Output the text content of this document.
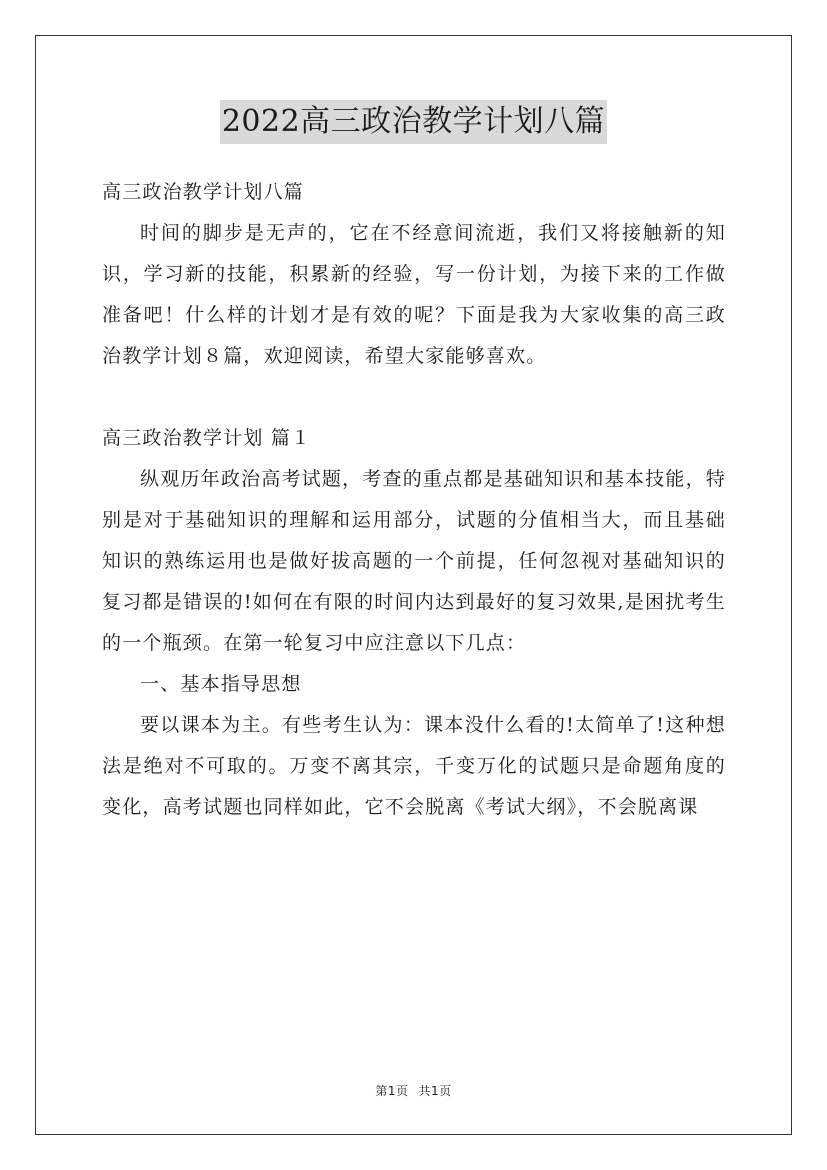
2022高三政治教学计划八篇

高三政治教学计划八篇

时间的脚步是无声的，它在不经意间流逝，我们又将接触新的知识，学习新的技能，积累新的经验，写一份计划，为接下来的工作做准备吧！什么样的计划才是有效的呢？下面是我为大家收集的高三政治教学计划８篇，欢迎阅读，希望大家能够喜欢。

高三政治教学计划 篇１

纵观历年政治高考试题，考查的重点都是基础知识和基本技能，特别是对于基础知识的理解和运用部分，试题的分值相当大，而且基础知识的熟练运用也是做好拔高题的一个前提，任何忽视对基础知识的复习都是错误的!如何在有限的时间内达到最好的复习效果,是困扰考生的一个瓶颈。在第一轮复习中应注意以下几点：

一、基本指导思想

要以课本为主。有些考生认为：课本没什么看的!太简单了!这种想法是绝对不可取的。万变不离其宗，千变万化的试题只是命题角度的变化，高考试题也同样如此，它不会脱离《考试大纲》，不会脱离课

第1页 共1页
